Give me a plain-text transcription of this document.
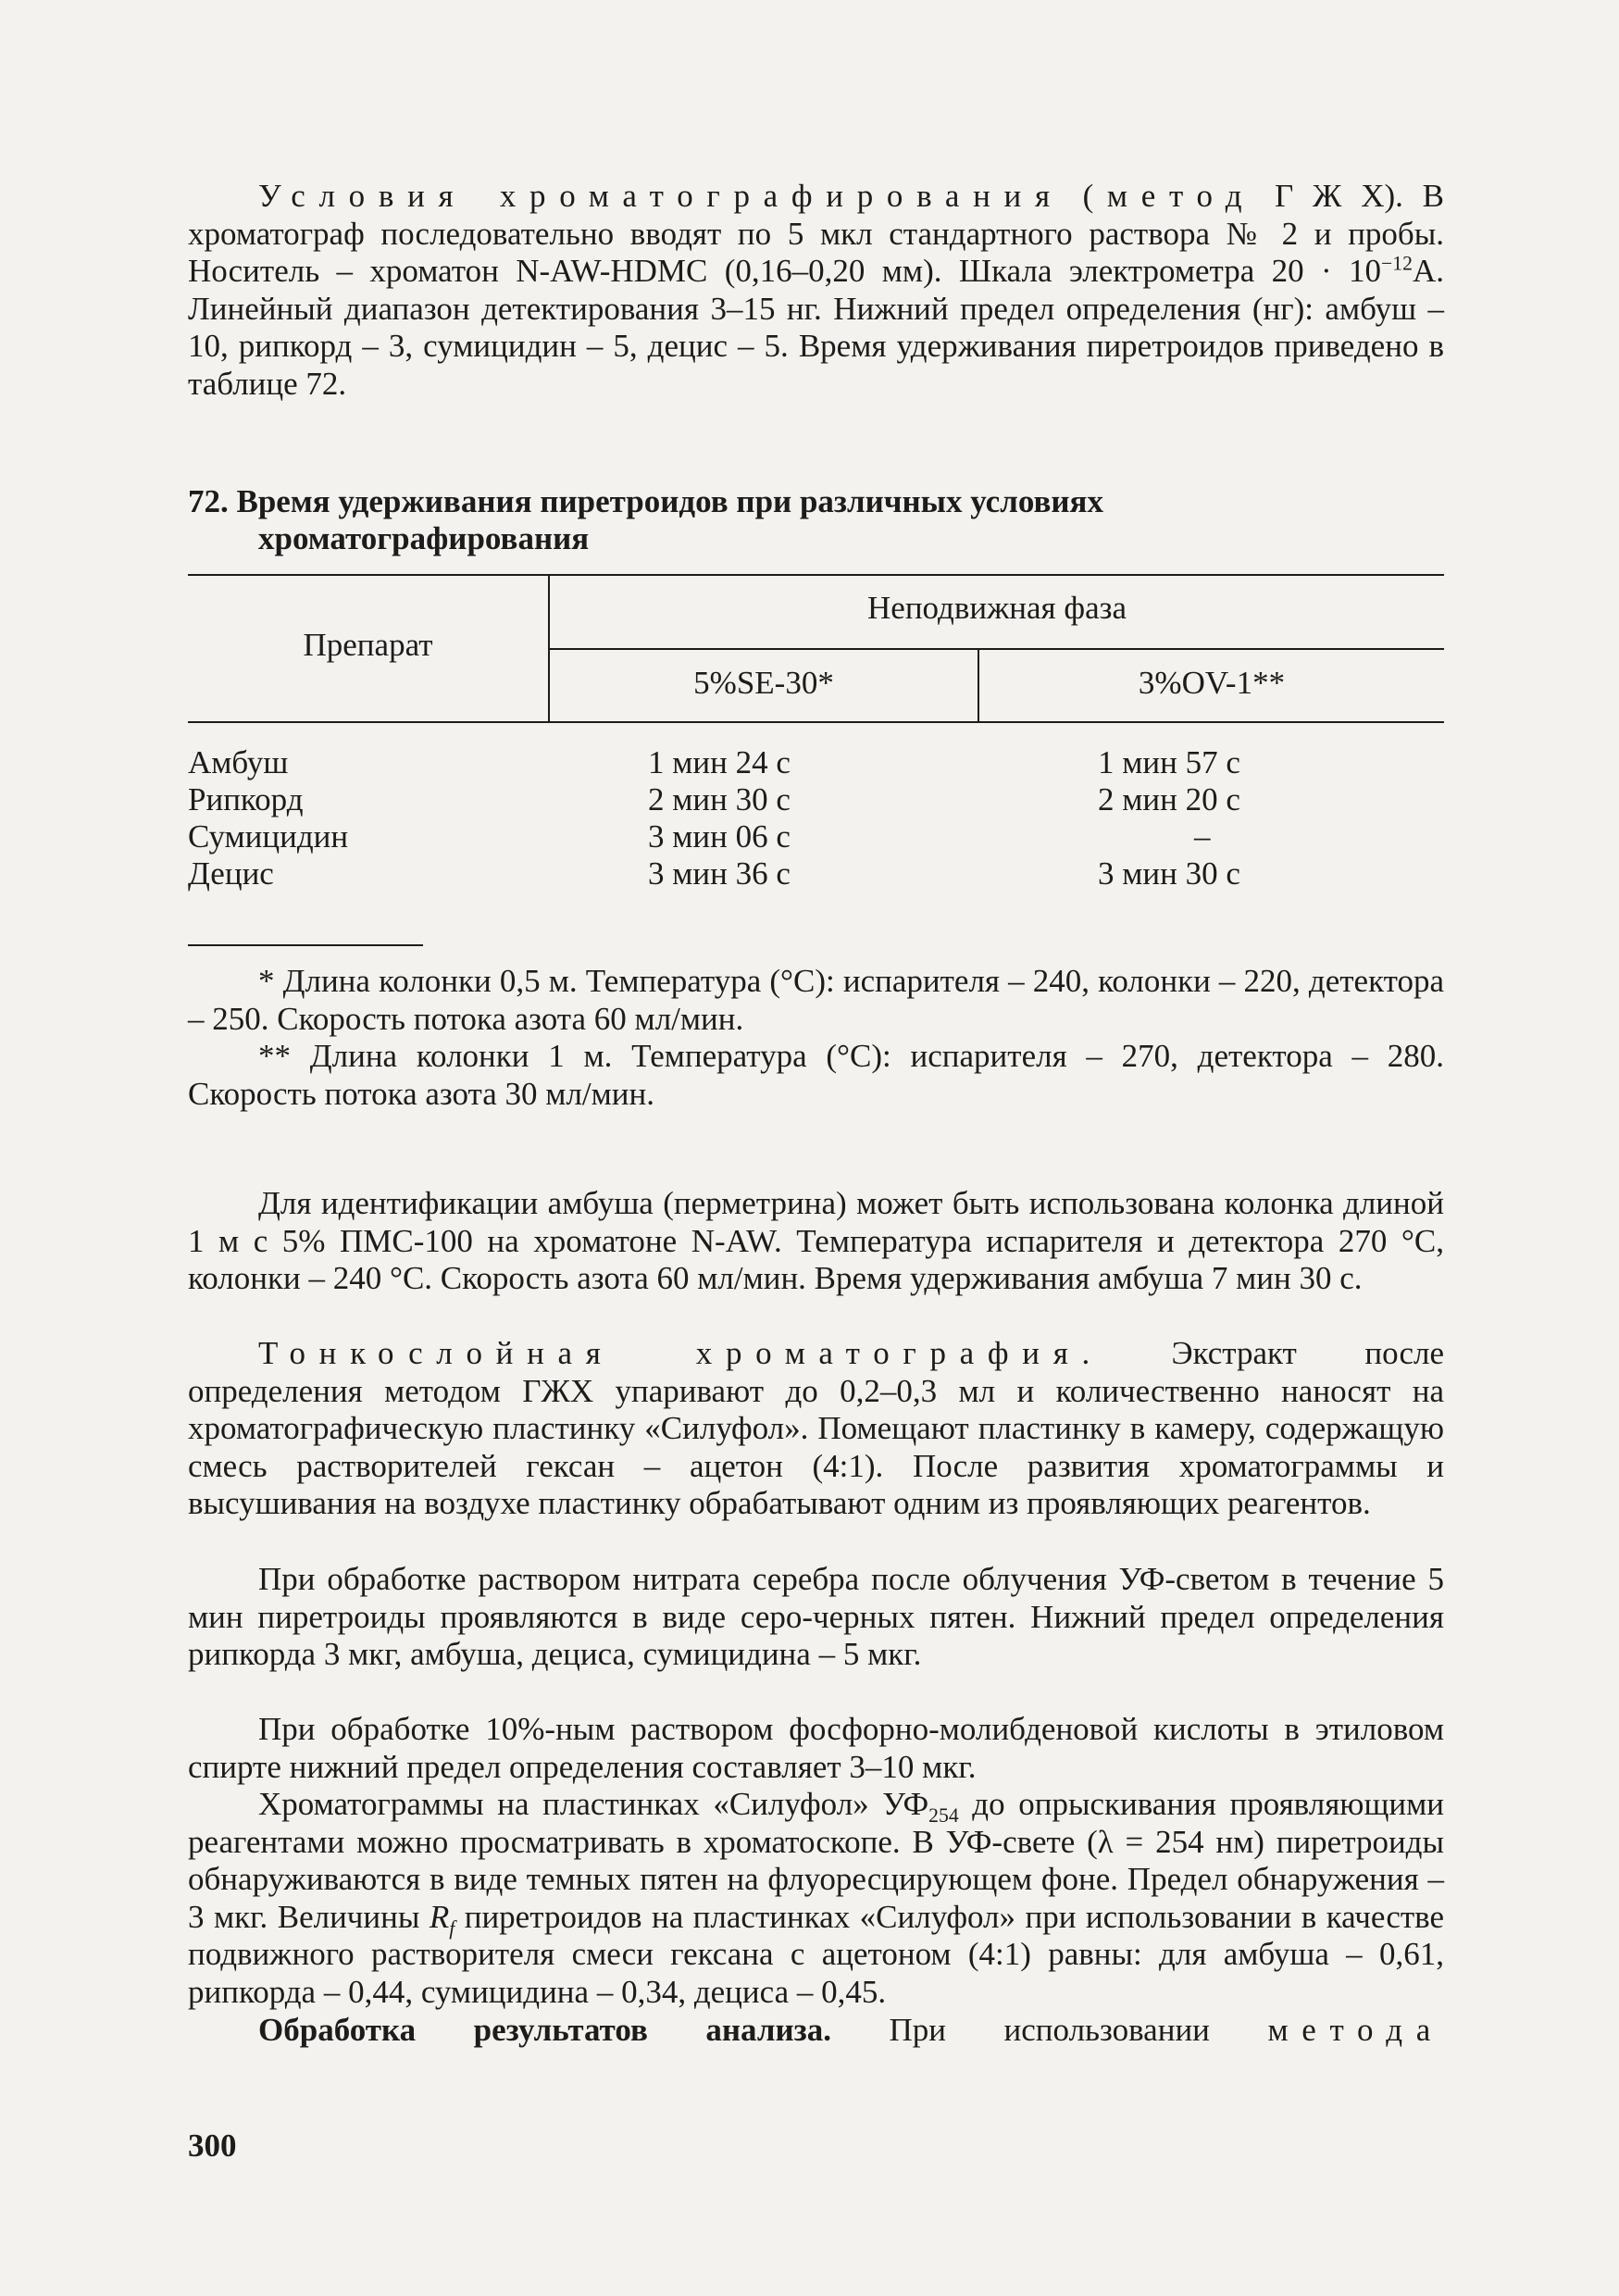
Условия хроматографирования (метод Г Ж Х). В хроматограф последовательно вводят по 5 мкл стандартного раствора № 2 и пробы. Носитель – хроматон N-AW-HDMC (0,16–0,20 мм). Шкала электрометра $20 \cdot 10^{-12}A$. Линейный диапазон детектирования 3–15 нг. Нижний предел определения (нг): амбуш – 10, рипкорд – 3, сумицидин – 5, децис – 5. Время удерживания пиретроидов приведено в таблице 72.

72. Время удерживания пиретроидов при различных условиях
хроматографирования
Препарат
Неподвижная фаза
5%SE-30*	3%OV-1**
Амбуш
Рипкорд
Сумицидин
Децис
1 мин 24 с
2 мин 30 с
3 мин 06 с
3 мин 36 с
1 мин 57 с
2 мин 20 с
–
3 мин 30 с

* Длина колонки 0,5 м. Температура (°С): испарителя – 240, колонки – 220, детектора – 250. Скорость потока азота 60 мл/мин.

** Длина колонки 1 м. Температура (°С): испарителя – 270, детектора – 280. Скорость потока азота 30 мл/мин.

Для идентификации амбуша (перметрина) может быть использована колонка длиной 1 м с 5% ПМС-100 на хроматоне N-AW. Температура испарителя и детектора 270 °С, колонки – 240 °С. Скорость азота 60 мл/мин. Время удерживания амбуша 7 мин 30 с.

Тонкослойная хроматография. Экстракт после определения методом ГЖХ упаривают до 0,2–0,3 мл и количественно наносят на хроматографическую пластинку «Силуфол». Помещают пластинку в камеру, содержащую смесь растворителей гексан – ацетон (4:1). После развития хроматограммы и высушивания на воздухе пластинку обрабатывают одним из проявляющих реагентов.

При обработке раствором нитрата серебра после облучения УФ-светом в течение 5 мин пиретроиды проявляются в виде серо-черных пятен. Нижний предел определения рипкорда 3 мкг, амбуша, дециса, сумицидина – 5 мкг.

При обработке 10%-ным раствором фосфорно-молибденовой кислоты в этиловом спирте нижний предел определения составляет 3–10 мкг.

Хроматограммы на пластинках «Силуфол» $УФ_{254}$ до опрыскивания проявляющими реагентами можно просматривать в хроматоскопе. В УФ-свете (λ = 254 нм) пиретроиды обнаруживаются в виде темных пятен на флуоресцирующем фоне. Предел обнаружения – 3 мкг. Величины $R_f$ пиретроидов на пластинках «Силуфол» при использовании в качестве подвижного растворителя смеси гексана с ацетоном (4:1) равны: для амбуша – 0,61, рипкорда – 0,44, сумицидина – 0,34, дециса – 0,45.

Обработка результатов анализа. При использовании метода

300
